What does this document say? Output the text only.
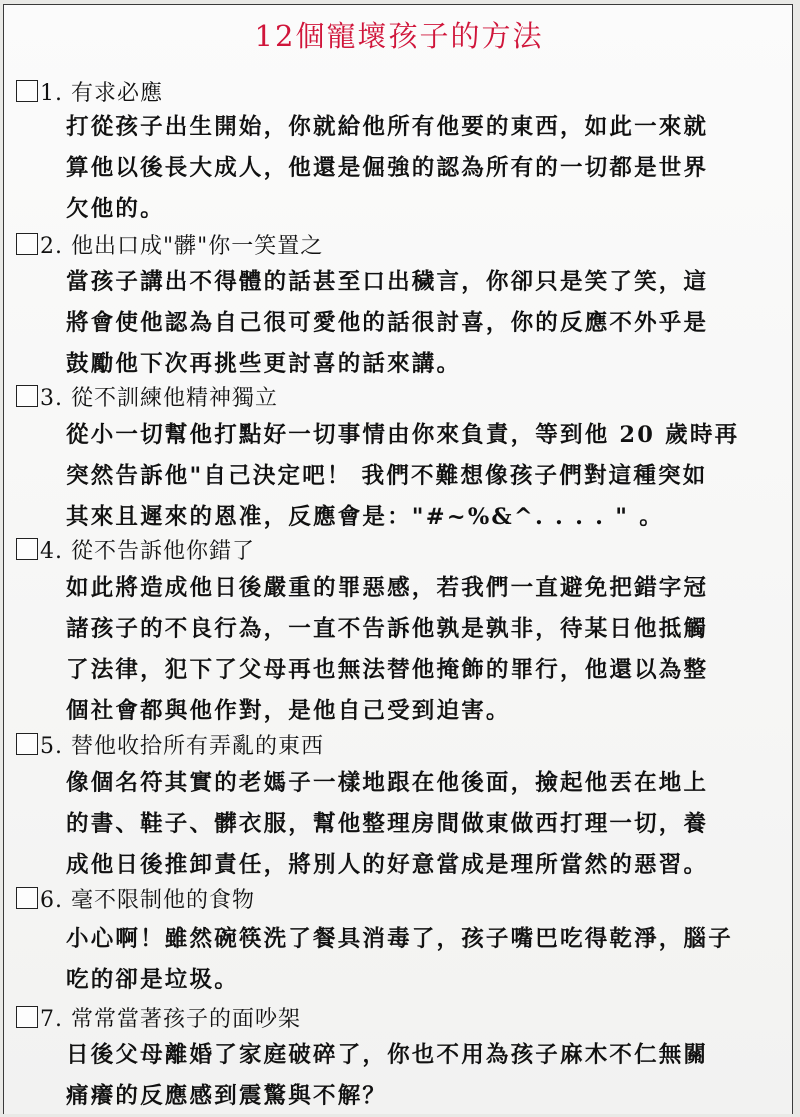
12個寵壞孩子的方法
1. 有求必應
打從孩子出生開始，你就給他所有他要的東西，如此一來就
算他以後長大成人，他還是倔強的認為所有的一切都是世界
欠他的。
2. 他出口成"髒"你一笑置之
當孩子講出不得體的話甚至口出穢言，你卻只是笑了笑，這
將會使他認為自己很可愛他的話很討喜，你的反應不外乎是
鼓勵他下次再挑些更討喜的話來講。
3. 從不訓練他精神獨立
從小一切幫他打點好一切事情由你來負責，等到他 20 歲時再
突然告訴他"自己決定吧！ 我們不難想像孩子們對這種突如
其來且遲來的恩准，反應會是："#~%&^. . . . " 。
4. 從不告訴他你錯了
如此將造成他日後嚴重的罪惡感，若我們一直避免把錯字冠
諸孩子的不良行為，一直不告訴他孰是孰非，待某日他抵觸
了法律，犯下了父母再也無法替他掩飾的罪行，他還以為整
個社會都與他作對，是他自己受到迫害。
5. 替他收拾所有弄亂的東西
像個名符其實的老媽子一樣地跟在他後面，撿起他丟在地上
的書、鞋子、髒衣服，幫他整理房間做東做西打理一切，養
成他日後推卸責任，將別人的好意當成是理所當然的惡習。
6. 毫不限制他的食物
小心啊！雖然碗筷洗了餐具消毒了，孩子嘴巴吃得乾淨，腦子
吃的卻是垃圾。
7. 常常當著孩子的面吵架
日後父母離婚了家庭破碎了，你也不用為孩子麻木不仁無關
痛癢的反應感到震驚與不解？
